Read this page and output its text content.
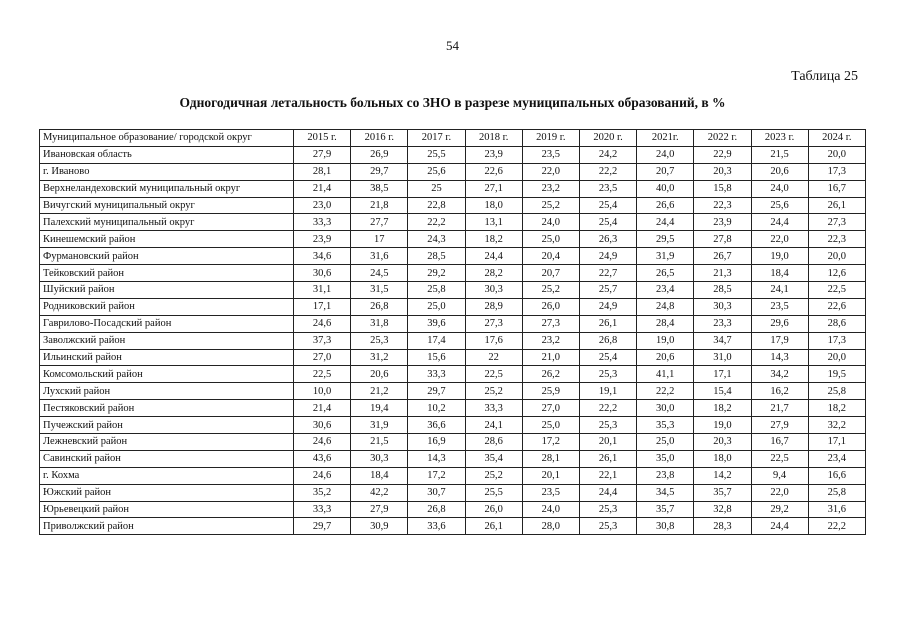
54
Таблица 25
Одногодичная летальность больных со ЗНО в разрезе муниципальных образований, в %
Муниципальное образование/ городской округ	2015 г.	2016 г.	2017 г.	2018 г.	2019 г.	2020 г.	2021г.	2022 г.	2023 г.	2024 г.
Ивановская область	27,9	26,9	25,5	23,9	23,5	24,2	24,0	22,9	21,5	20,0
г. Иваново	28,1	29,7	25,6	22,6	22,0	22,2	20,7	20,3	20,6	17,3
Верхнеландеховский муниципальный округ	21,4	38,5	25	27,1	23,2	23,5	40,0	15,8	24,0	16,7
Вичугский муниципальный округ	23,0	21,8	22,8	18,0	25,2	25,4	26,6	22,3	25,6	26,1
Палехский муниципальный округ	33,3	27,7	22,2	13,1	24,0	25,4	24,4	23,9	24,4	27,3
Кинешемский район	23,9	17	24,3	18,2	25,0	26,3	29,5	27,8	22,0	22,3
Фурмановский район	34,6	31,6	28,5	24,4	20,4	24,9	31,9	26,7	19,0	20,0
Тейковский район	30,6	24,5	29,2	28,2	20,7	22,7	26,5	21,3	18,4	12,6
Шуйский район	31,1	31,5	25,8	30,3	25,2	25,7	23,4	28,5	24,1	22,5
Родниковский район	17,1	26,8	25,0	28,9	26,0	24,9	24,8	30,3	23,5	22,6
Гаврилово-Посадский район	24,6	31,8	39,6	27,3	27,3	26,1	28,4	23,3	29,6	28,6
Заволжский район	37,3	25,3	17,4	17,6	23,2	26,8	19,0	34,7	17,9	17,3
Ильинский район	27,0	31,2	15,6	22	21,0	25,4	20,6	31,0	14,3	20,0
Комсомольский район	22,5	20,6	33,3	22,5	26,2	25,3	41,1	17,1	34,2	19,5
Лухский район	10,0	21,2	29,7	25,2	25,9	19,1	22,2	15,4	16,2	25,8
Пестяковский район	21,4	19,4	10,2	33,3	27,0	22,2	30,0	18,2	21,7	18,2
Пучежский район	30,6	31,9	36,6	24,1	25,0	25,3	35,3	19,0	27,9	32,2
Лежневский район	24,6	21,5	16,9	28,6	17,2	20,1	25,0	20,3	16,7	17,1
Савинский район	43,6	30,3	14,3	35,4	28,1	26,1	35,0	18,0	22,5	23,4
г. Кохма	24,6	18,4	17,2	25,2	20,1	22,1	23,8	14,2	9,4	16,6
Южский район	35,2	42,2	30,7	25,5	23,5	24,4	34,5	35,7	22,0	25,8
Юрьевецкий район	33,3	27,9	26,8	26,0	24,0	25,3	35,7	32,8	29,2	31,6
Приволжский район	29,7	30,9	33,6	26,1	28,0	25,3	30,8	28,3	24,4	22,2
